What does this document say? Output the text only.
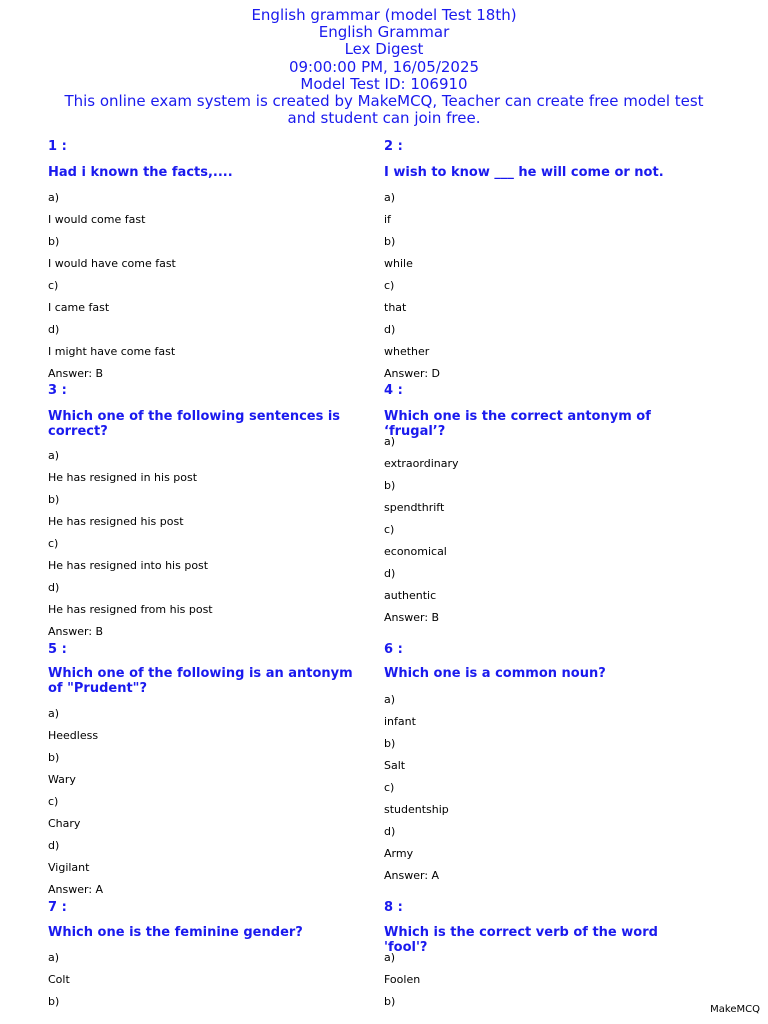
English grammar (model Test 18th)
English Grammar
Lex Digest
09:00:00 PM, 16/05/2025
Model Test ID: 106910
This online exam system is created by MakeMCQ, Teacher can create free model test
and student can join free.
1 :
Had i known the facts,....
a)
I would come fast
b)
I would have come fast
c)
I came fast
d)
I might have come fast
Answer: B
2 :
I wish to know ___ he will come or not.
a)
if
b)
while
c)
that
d)
whether
Answer: D
3 :
Which one of the following sentences is correct?
a)
He has resigned in his post
b)
He has resigned his post
c)
He has resigned into his post
d)
He has resigned from his post
Answer: B
4 :
Which one is the correct antonym of ‘frugal’?
a)
extraordinary
b)
spendthrift
c)
economical
d)
authentic
Answer: B
5 :
Which one of the following is an antonym of "Prudent"?
a)
Heedless
b)
Wary
c)
Chary
d)
Vigilant
Answer: A
6 :
Which one is a common noun?
a)
infant
b)
Salt
c)
studentship
d)
Army
Answer: A
7 :
Which one is the feminine gender?
a)
Colt
b)
8 :
Which is the correct verb of the word 'fool'?
a)
Foolen
b)
MakeMCQ
